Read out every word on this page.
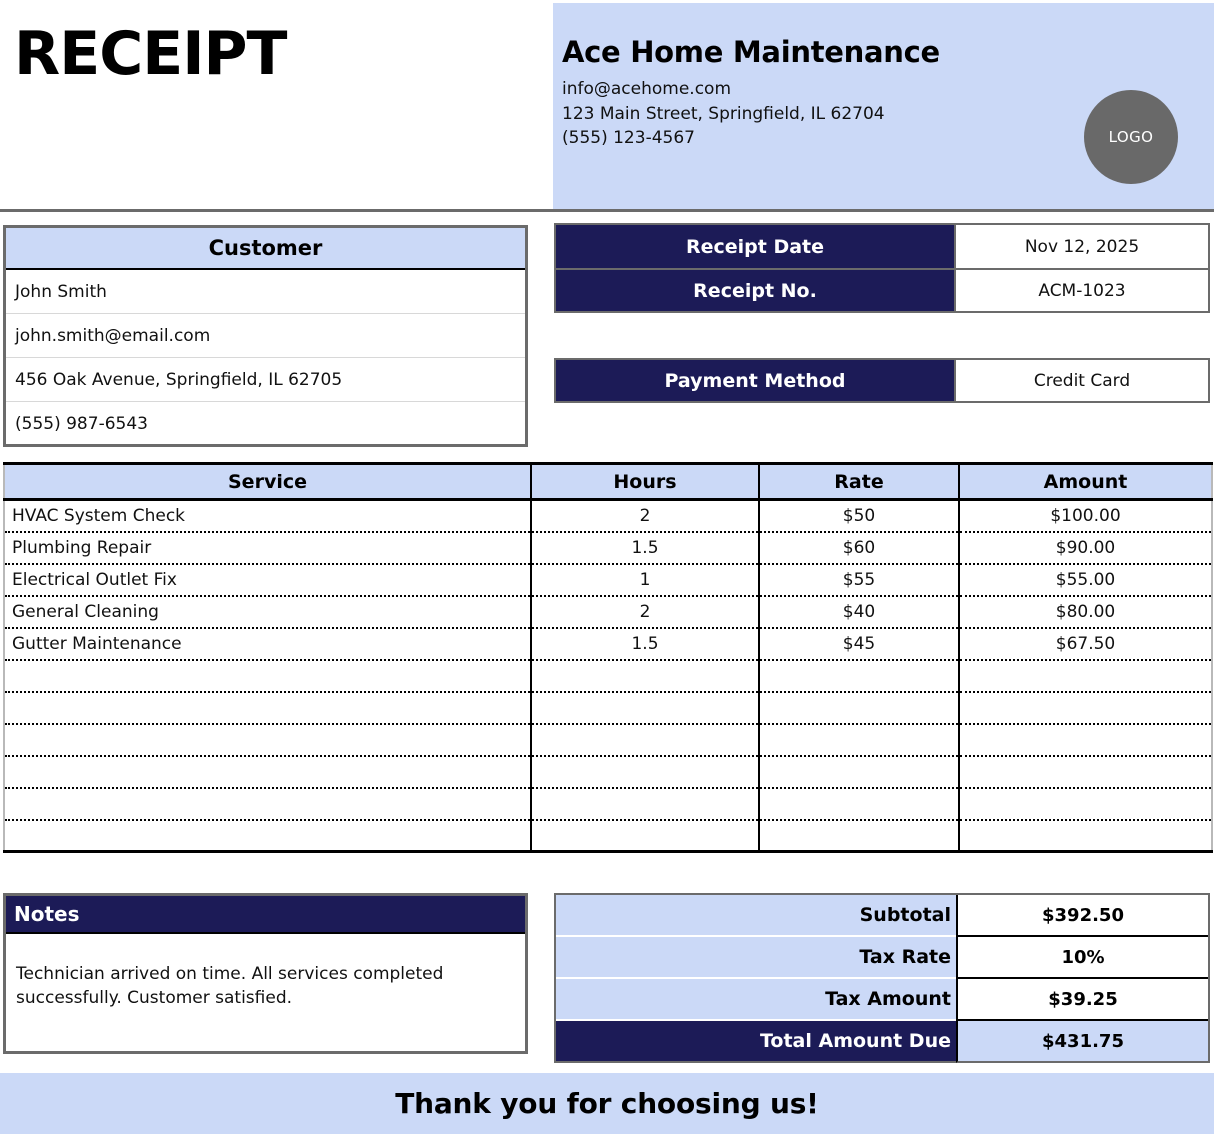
RECEIPT	Ace Home Maintenance
info@acehome.com
123 Main Street, Springfield, IL 62704
(555) 123-4567	LOGO
Customer
John Smith
john.smith@email.com
456 Oak Avenue, Springfield, IL 62705
(555) 987-6543
Receipt Date	Nov 12, 2025
Receipt No.	ACM-1023
Payment Method	Credit Card
Service	Hours	Rate	Amount
HVAC System Check	2	$50	$100.00
Plumbing Repair	1.5	$60	$90.00
Electrical Outlet Fix	1	$55	$55.00
General Cleaning	2	$40	$80.00
Gutter Maintenance	1.5	$45	$67.50

Notes
Technician arrived on time. All services completed successfully. Customer satisfied.
Subtotal	$392.50
Tax Rate	10%
Tax Amount	$39.25
Total Amount Due	$431.75
Thank you for choosing us!
